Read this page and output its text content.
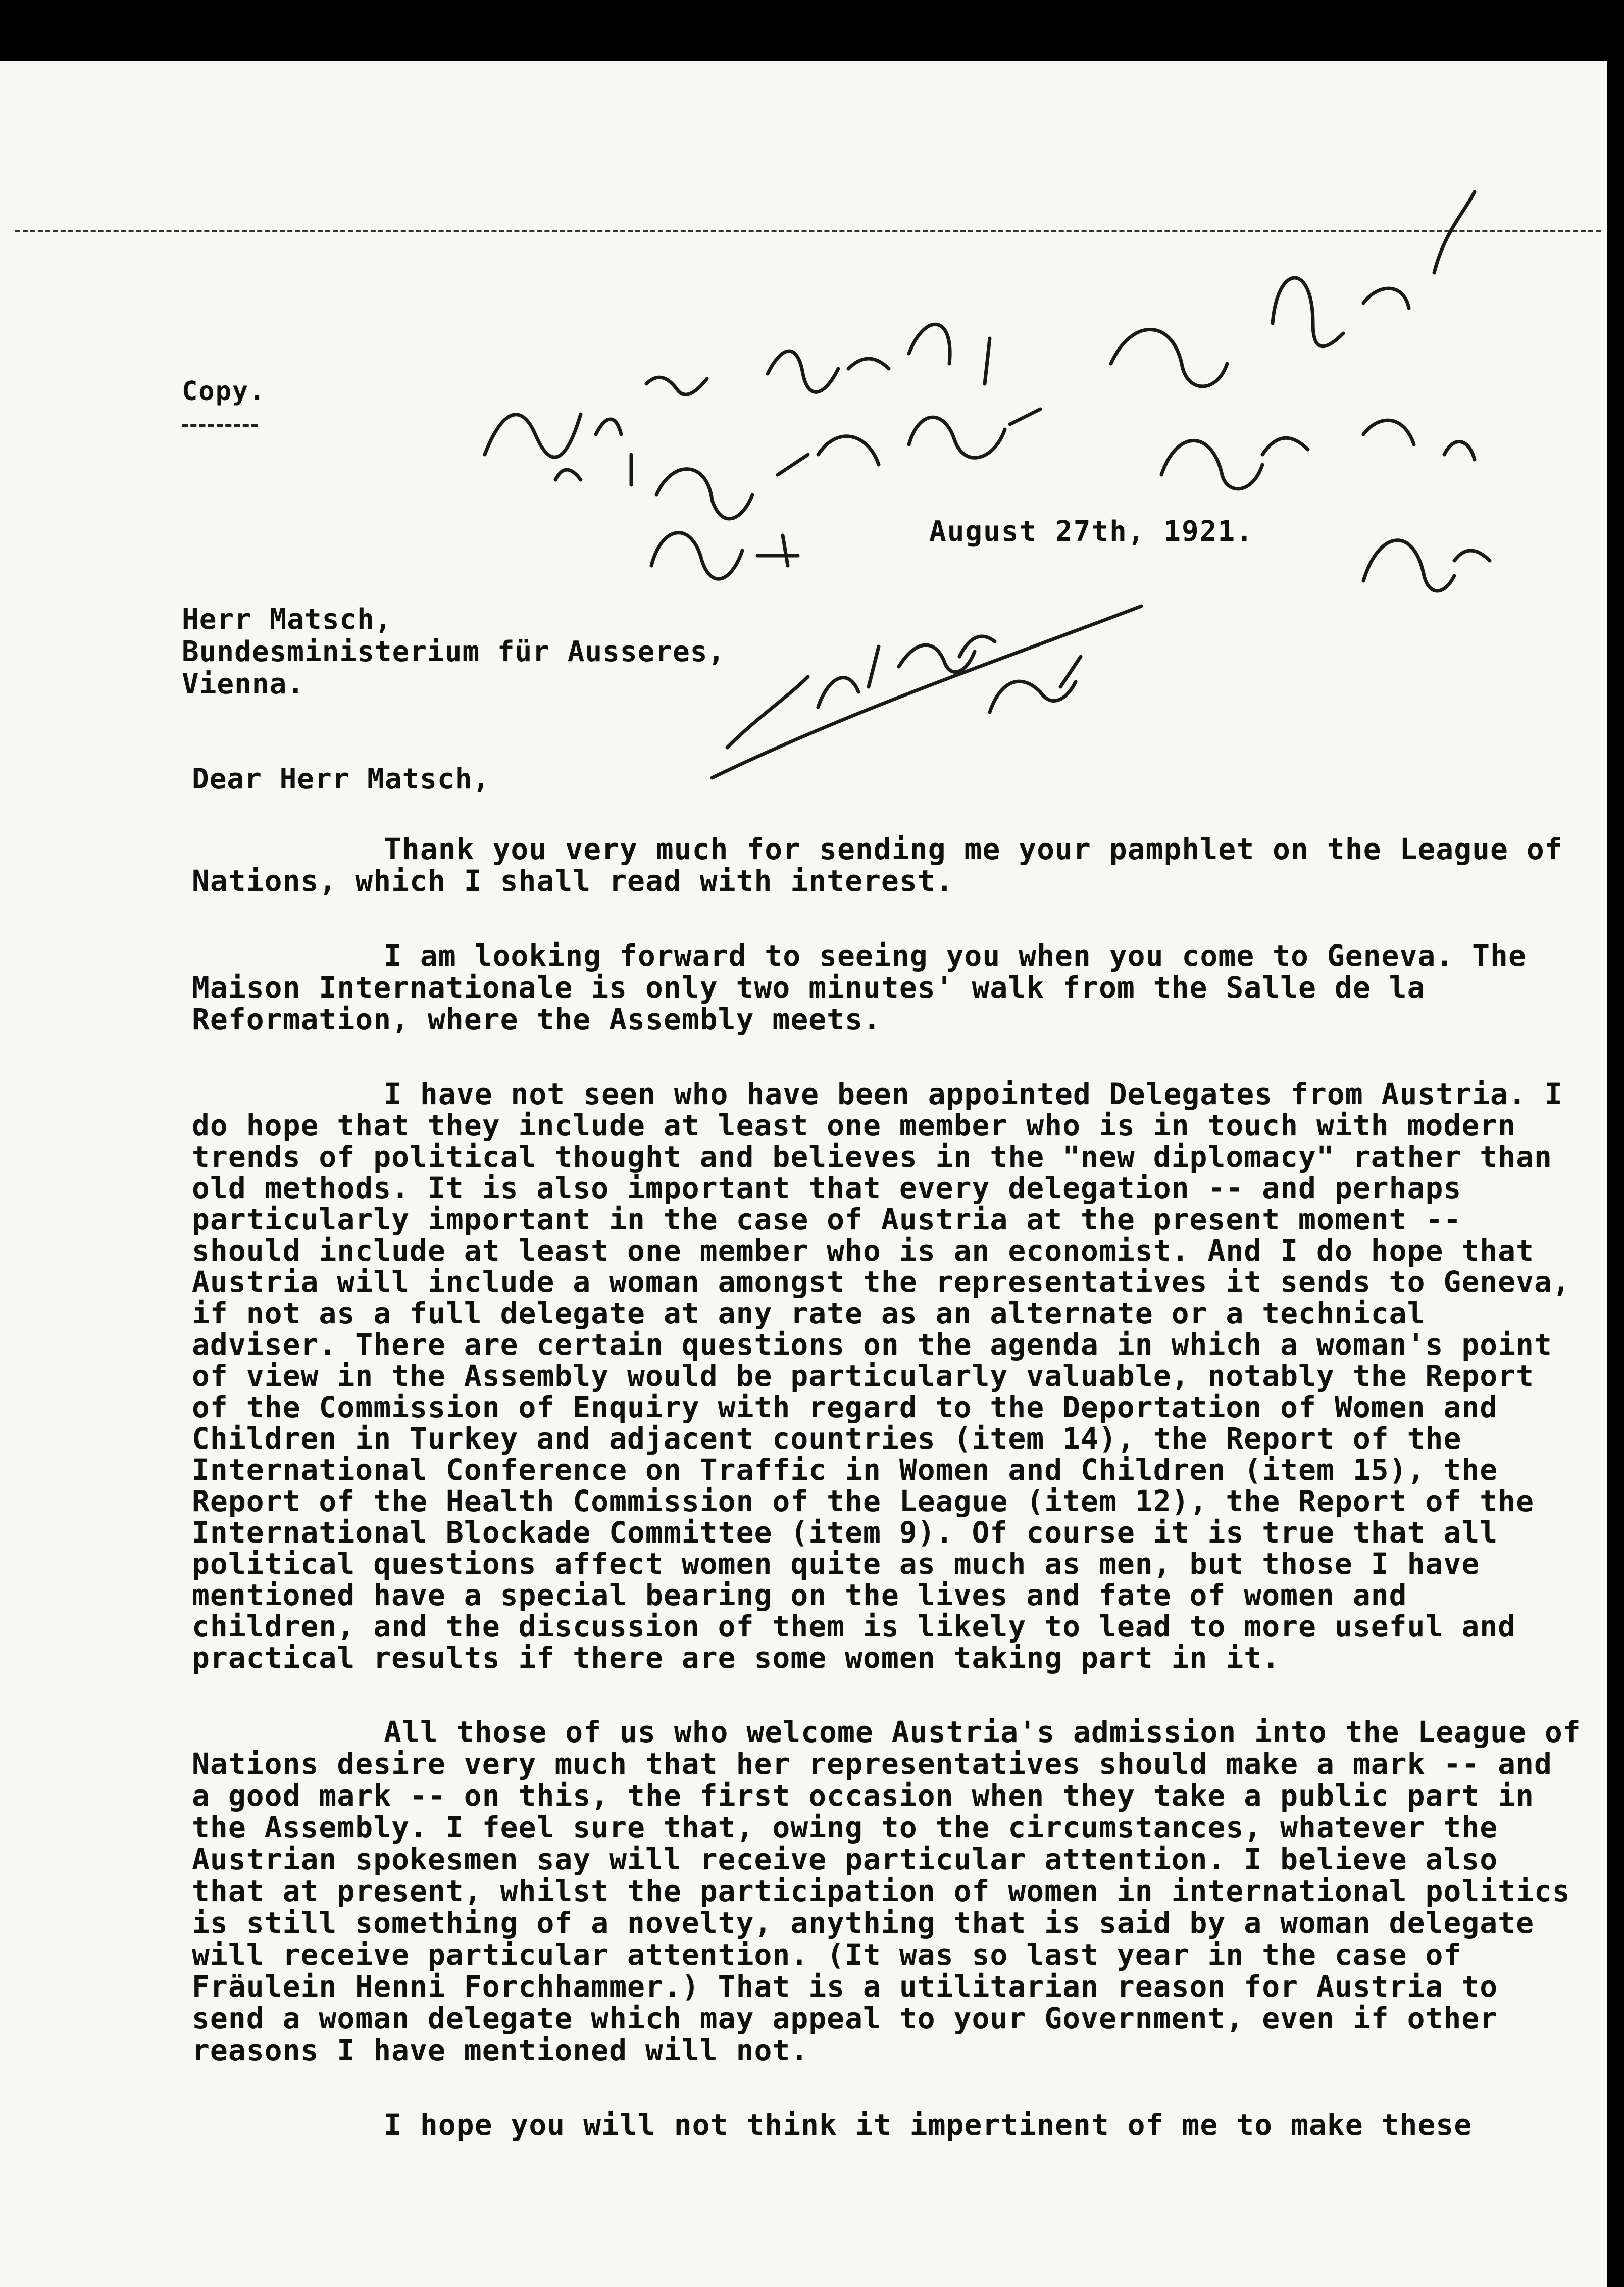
Copy.
August 27th, 1921.
Herr Matsch,
Bundesministerium für Ausseres,
Vienna.
Dear Herr Matsch,

Thank you very much for sending me your pamphlet on the League of Nations, which I shall read with interest.

I am looking forward to seeing you when you come to Geneva. The Maison Internationale is only two minutes' walk from the Salle de la Reformation, where the Assembly meets.

I have not seen who have been appointed Delegates from Austria. I do hope that they include at least one member who is in touch with modern trends of political thought and believes in the "new diplomacy" rather than old methods. It is also important that every delegation -- and perhaps particularly important in the case of Austria at the present moment -- should include at least one member who is an economist. And I do hope that Austria will include a woman amongst the representatives it sends to Geneva, if not as a full delegate at any rate as an alternate or a technical adviser. There are certain questions on the agenda in which a woman's point of view in the Assembly would be particularly valuable, notably the Report of the Commission of Enquiry with regard to the Deportation of Women and Children in Turkey and adjacent countries (item 14), the Report of the International Conference on Traffic in Women and Children (item 15), the Report of the Health Commission of the League (item 12), the Report of the International Blockade Committee (item 9). Of course it is true that all political questions affect women quite as much as men, but those I have mentioned have a special bearing on the lives and fate of women and children, and the discussion of them is likely to lead to more useful and practical results if there are some women taking part in it.

All those of us who welcome Austria's admission into the League of Nations desire very much that her representatives should make a mark -- and a good mark -- on this, the first occasion when they take a public part in the Assembly. I feel sure that, owing to the circumstances, whatever the Austrian spokesmen say will receive particular attention. I believe also that at present, whilst the participation of women in international politics is still something of a novelty, anything that is said by a woman delegate will receive particular attention. (It was so last year in the case of Fräulein Henni Forchhammer.) That is a utilitarian reason for Austria to send a woman delegate which may appeal to your Government, even if other reasons I have mentioned will not.

I hope you will not think it impertinent of me to make these
